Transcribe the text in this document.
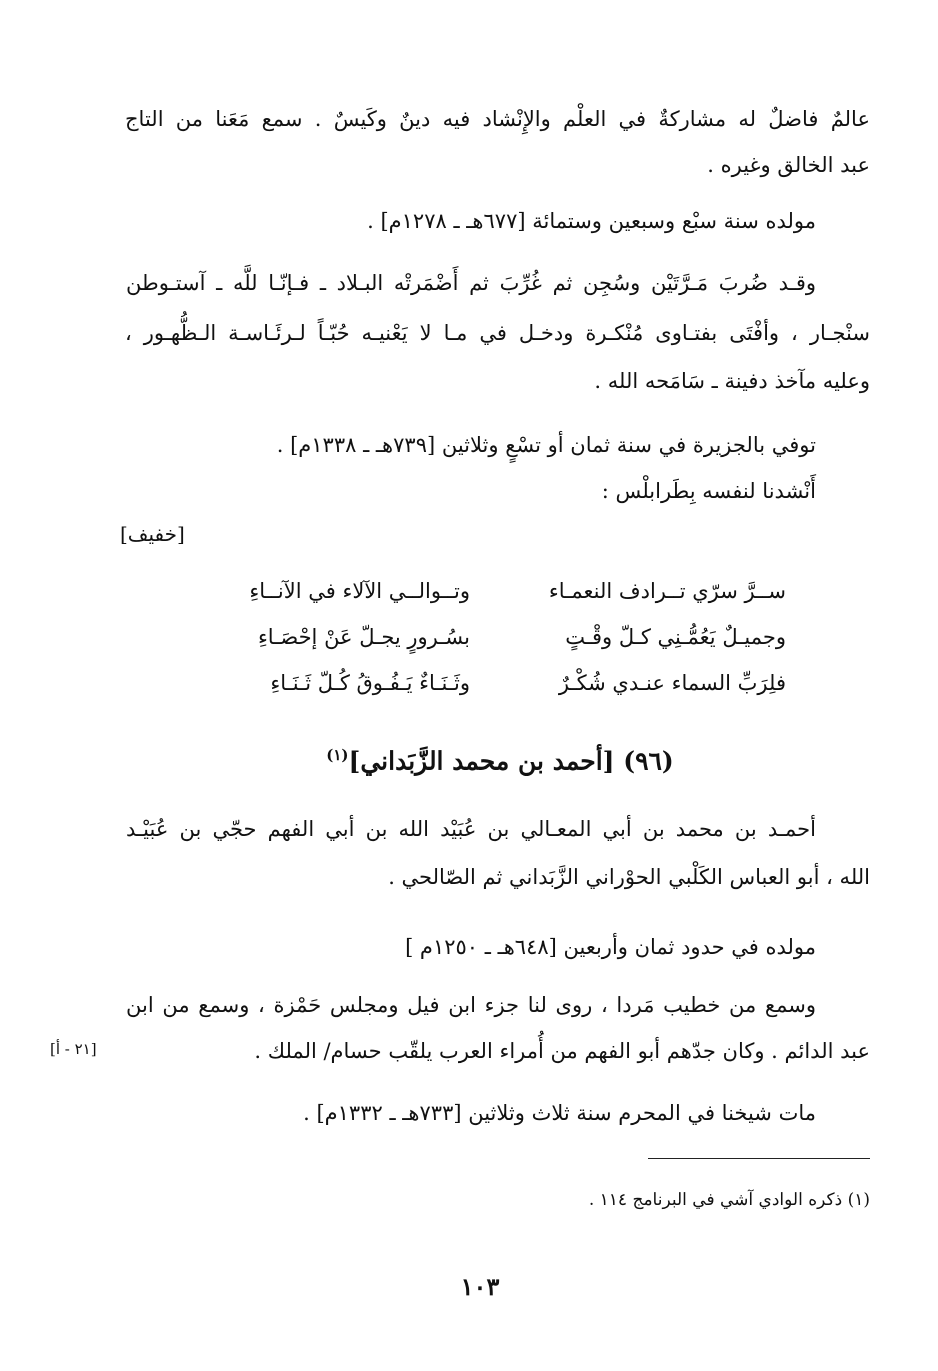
عالمٌ فاضلٌ له مشاركةٌ في العلْم والإِنْشاد فيه دينٌ وكَيسٌ . سمع مَعَنا من التاج
عبد الخالق وغيره .
مولده سنة سبْع وسبعين وستمائة [٦٧٧هـ ـ ١٢٧٨م] .
وقـد ضُربَ مَـرَّتَيْن وسُجِن ثم غُرِّبَ ثم أَضْمَرتْه البـلاد ـ فـإنّـا للَّه ـ آستـوطن
سنْجـار ، وأفْتَى بفتـاوى مُنْكـرة ودخـل في مـا لا يَعْنيـه حُبّـاً لـرئَـاسـة الـظُّهـور ،
وعليه مآخذ دفينة ـ سَامَحه الله .
توفي بالجزيرة في سنة ثمان أو تسْعٍ وثلاثين [٧٣٩هـ ـ ١٣٣٨م] .
أَنْشدنا لنفسه بِطَرابلْس :
[خفيف]
ســرَّ سرّي تــرادف النعمـاء
وتــوالــي الآلاء في الآنــاءِ
وجميـلٌ يَعُمُّـنِي كـلّ وقْـتٍ
بسُـرورٍ يجـلّ عَنْ إحْصَـاءِ
فلِرَبِّ السماء عنـدي شُكْـرٌ
وثَـنَـاءٌ يَـفُـوقُ كُـلّ ثَـنَـاءِ
(٩٦) [أحمد بن محمد الزَّبَداني]$^{(١)}$
أحمـد بن محمد بن أبي المعـالي بن عُبَيْد الله بن أبي الفهم حجّي بن عُبَيْـد
الله ، أبو العباس الكَلْبي الحوْراني الزَّبَداني ثم الصّالحي .
مولده في حدود ثمان وأربعين [٦٤٨هـ ـ ١٢٥٠م ]
وسمع من خطيب مَردا ، روى لنا جزء ابن فيل ومجلس حَمْزة ، وسمع من ابن
عبد الدائم . وكان جدّهم أبو الفهم من أُمراء العرب يلقّب حسام/ الملك .
[٢١ - أ]
مات شيخنا في المحرم سنة ثلاث وثلاثين [٧٣٣هـ ـ ١٣٣٢م] .
(١) ذكره الوادي آشي في البرنامج ١١٤ .
١٠٣
